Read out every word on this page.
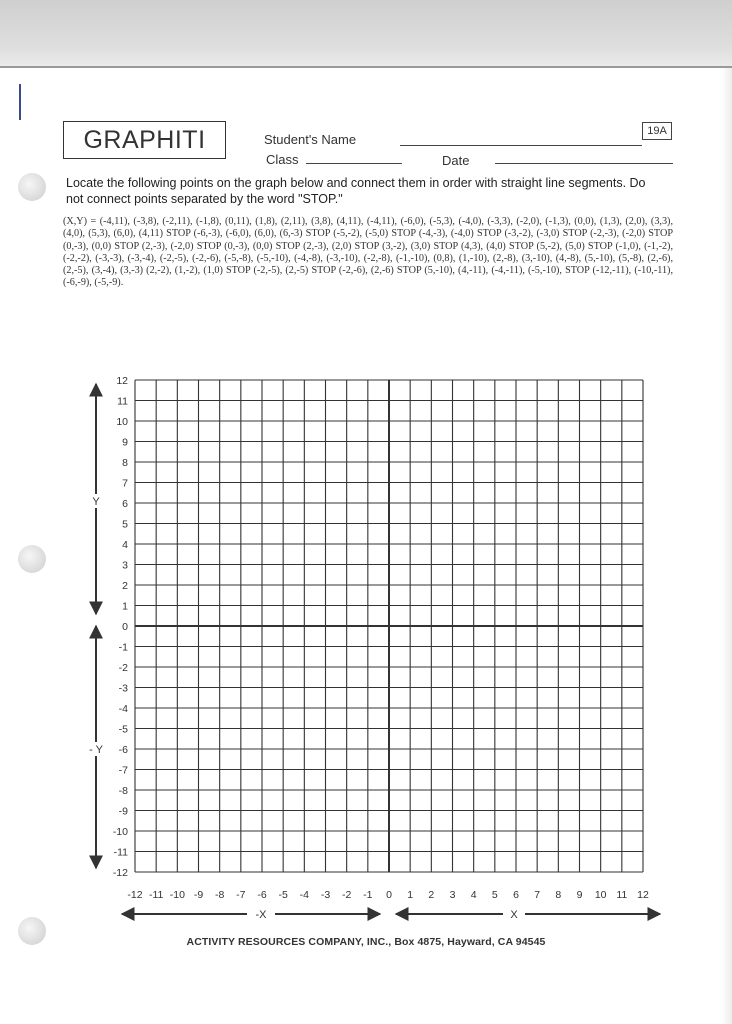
GRAPHITI	Student's Name
19A
Class	Date
Locate the following points on the graph below and connect them in order with straight line segments. Do not connect points separated by the word "STOP."
(X,Y) = (-4,11), (-3,8), (-2,11), (-1,8), (0,11), (1,8), (2,11), (3,8), (4,11), (-4,11), (-6,0), (-5,3), (-4,0), (-3,3), (-2,0), (-1,3), (0,0), (1,3), (2,0), (3,3), (4,0), (5,3), (6,0), (4,11) STOP (-6,-3), (-6,0), (6,0), (6,-3) STOP (-5,-2), (-5,0) STOP (-4,-3), (-4,0) STOP (-3,-2), (-3,0) STOP (-2,-3), (-2,0) STOP (0,-3), (0,0) STOP (2,-3), (-2,0) STOP (0,-3), (0,0) STOP (2,-3), (2,0) STOP (3,-2), (3,0) STOP (4,3), (4,0) STOP (5,-2), (5,0) STOP (-1,0), (-1,-2), (-2,-2), (-3,-3), (-3,-4), (-2,-5), (-2,-6), (-5,-8), (-5,-10), (-4,-8), (-3,-10), (-2,-8), (-1,-10), (0,8), (1,-10), (2,-8), (3,-10), (4,-8), (5,-10), (5,-8), (2,-6), (2,-5), (3,-4), (3,-3) (2,-2), (1,-2), (1,0) STOP (-2,-5), (2,-5) STOP (-2,-6), (2,-6) STOP (5,-10), (4,-11), (-4,-11), (-5,-10), STOP (-12,-11), (-10,-11), (-6,-9), (-5,-9).
12
11
10
9
8
7
6
5
4
3
2
1
0
-1
-2
-3
-4
-5
-6
-7
-8
-9
-10
-11
-12
-12 -11 -10 -9 -8 -7 -6 -5 -4 -3 -2 -1 0 1 2 3 4 5 6 7 8 9 10 11 12
Y
- Y
-X	X
ACTIVITY RESOURCES COMPANY, INC., Box 4875, Hayward, CA 94545
